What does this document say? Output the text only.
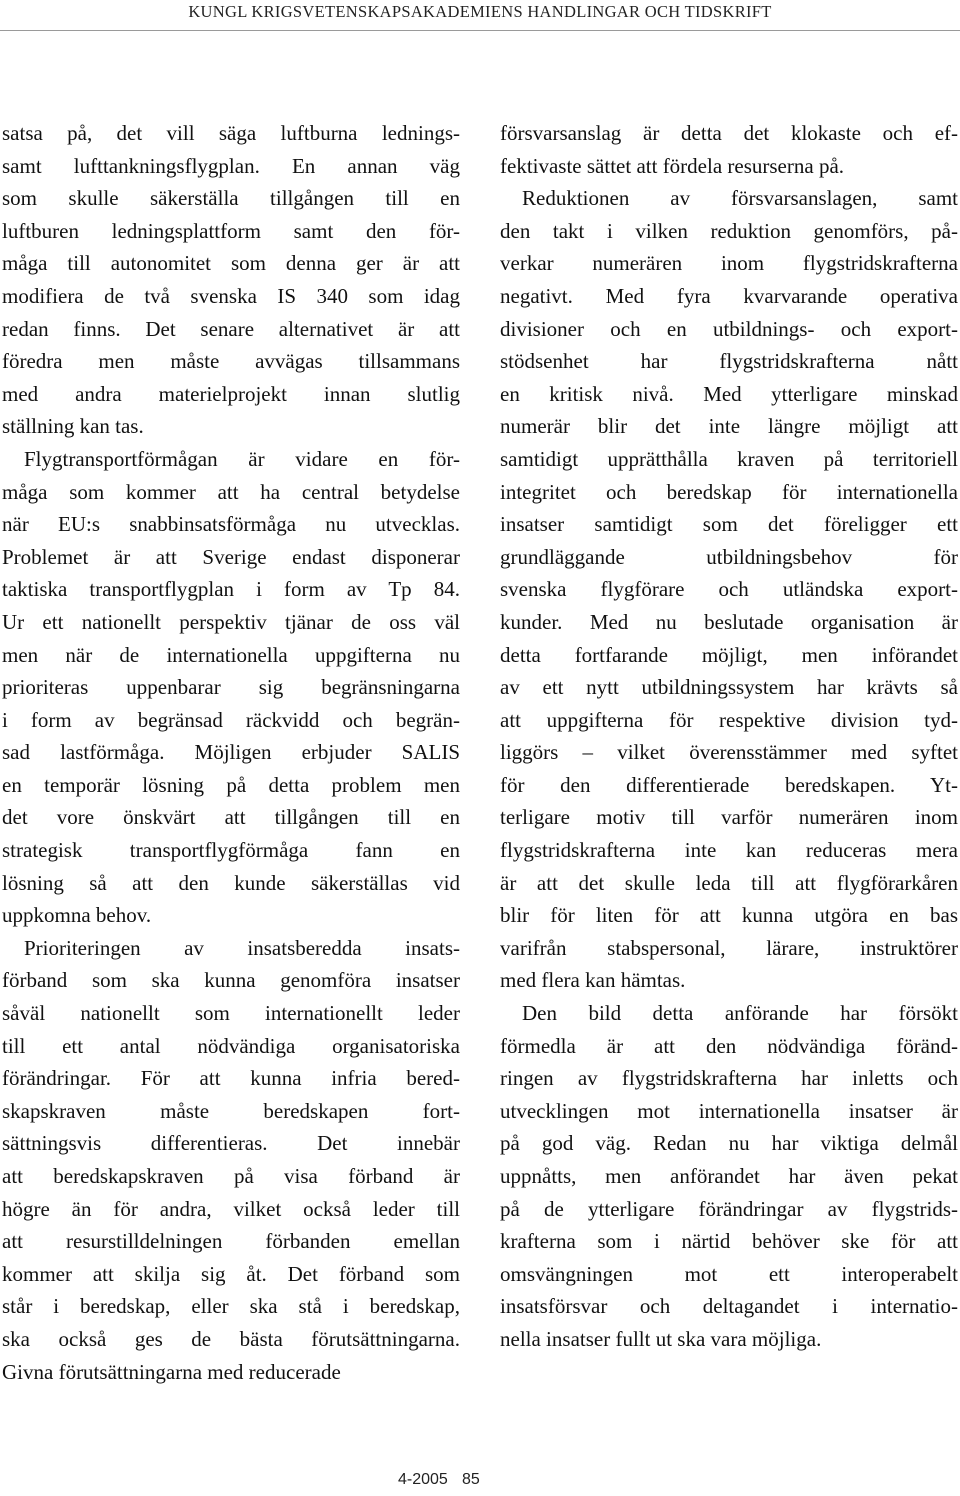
KUNGL KRIGSVETENSKAPSAKADEMIENS HANDLINGAR OCH TIDSKRIFT
satsa på, det vill säga luftburna lednings-
samt lufttankningsflygplan. En annan väg
som skulle säkerställa tillgången till en
luftburen ledningsplattform samt den för-
måga till autonomitet som denna ger är att
modifiera de två svenska IS 340 som idag
redan finns. Det senare alternativet är att
föredra men måste avvägas tillsammans
med andra materielprojekt innan slutlig
ställning kan tas.
Flygtransportförmågan är vidare en för-
måga som kommer att ha central betydelse
när EU:s snabbinsatsförmåga nu utvecklas.
Problemet är att Sverige endast disponerar
taktiska transportflygplan i form av Tp 84.
Ur ett nationellt perspektiv tjänar de oss väl
men när de internationella uppgifterna nu
prioriteras uppenbarar sig begränsningarna
i form av begränsad räckvidd och begrän-
sad lastförmåga. Möjligen erbjuder SALIS
en temporär lösning på detta problem men
det vore önskvärt att tillgången till en
strategisk transportflygförmåga fann en
lösning så att den kunde säkerställas vid
uppkomna behov.
Prioriteringen av insatsberedda insats-
förband som ska kunna genomföra insatser
såväl nationellt som internationellt leder
till ett antal nödvändiga organisatoriska
förändringar. För att kunna infria bered-
skapskraven måste beredskapen fort-
sättningsvis differentieras. Det innebär
att beredskapskraven på visa förband är
högre än för andra, vilket också leder till
att resurstilldelningen förbanden emellan
kommer att skilja sig åt. Det förband som
står i beredskap, eller ska stå i beredskap,
ska också ges de bästa förutsättningarna.
Givna förutsättningarna med reducerade
försvarsanslag är detta det klokaste och ef-
fektivaste sättet att fördela resurserna på.
Reduktionen av försvarsanslagen, samt
den takt i vilken reduktion genomförs, på-
verkar numerären inom flygstridskrafterna
negativt. Med fyra kvarvarande operativa
divisioner och en utbildnings- och export-
stödsenhet har flygstridskrafterna nått
en kritisk nivå. Med ytterligare minskad
numerär blir det inte längre möjligt att
samtidigt upprätthålla kraven på territoriell
integritet och beredskap för internationella
insatser samtidigt som det föreligger ett
grundläggande utbildningsbehov för
svenska flygförare och utländska export-
kunder. Med nu beslutade organisation är
detta fortfarande möjligt, men införandet
av ett nytt utbildningssystem har krävts så
att uppgifterna för respektive division tyd-
liggörs – vilket överensstämmer med syftet
för den differentierade beredskapen. Yt-
terligare motiv till varför numerären inom
flygstridskrafterna inte kan reduceras mera
är att det skulle leda till att flygförarkåren
blir för liten för att kunna utgöra en bas
varifrån stabspersonal, lärare, instruktörer
med flera kan hämtas.
Den bild detta anförande har försökt
förmedla är att den nödvändiga föränd-
ringen av flygstridskrafterna har inletts och
utvecklingen mot internationella insatser är
på god väg. Redan nu har viktiga delmål
uppnåtts, men anförandet har även pekat
på de ytterligare förändringar av flygstrids-
krafterna som i närtid behöver ske för att
omsvängningen mot ett interoperabelt
insatsförsvar och deltagandet i internatio-
nella insatser fullt ut ska vara möjliga.
4-2005 85
